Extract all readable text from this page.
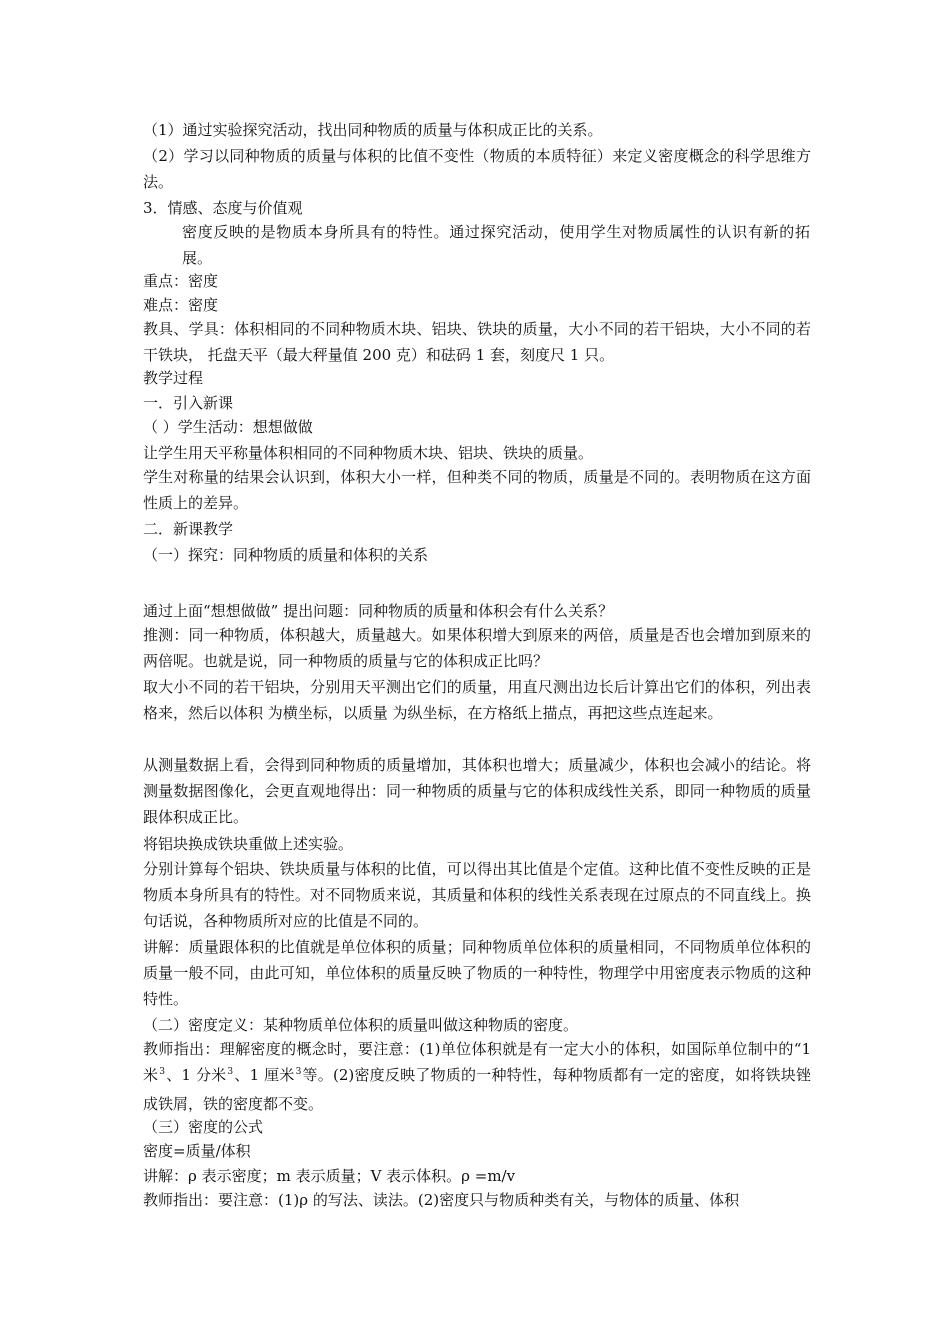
（1）通过实验探究活动，找出同种物质的质量与体积成正比的关系。

（2）学习以同种物质的质量与体积的比值不变性（物质的本质特征）来定义密度概念的科学思维方法。

3．情感、态度与价值观

密度反映的是物质本身所具有的特性。通过探究活动，使用学生对物质属性的认识有新的拓展。

重点：密度

难点：密度

教具、学具：体积相同的不同种物质木块、铝块、铁块的质量，大小不同的若干铝块，大小不同的若干铁块， 托盘天平（最大秤量值 200 克）和砝码 1 套，刻度尺 1 只。

教学过程

一．引入新课

（ ）学生活动：想想做做

让学生用天平称量体积相同的不同种物质木块、铝块、铁块的质量。

学生对称量的结果会认识到，体积大小一样，但种类不同的物质，质量是不同的。表明物质在这方面性质上的差异。

二．新课教学

（一）探究：同种物质的质量和体积的关系

通过上面“想想做做” 提出问题：同种物质的质量和体积会有什么关系？

推测：同一种物质，体积越大，质量越大。如果体积增大到原来的两倍，质量是否也会增加到原来的两倍呢。也就是说，同一种物质的质量与它的体积成正比吗？

取大小不同的若干铝块，分别用天平测出它们的质量，用直尺测出边长后计算出它们的体积，列出表格来，然后以体积 为横坐标，以质量 为纵坐标，在方格纸上描点，再把这些点连起来。

从测量数据上看，会得到同种物质的质量增加，其体积也增大；质量减少，体积也会减小的结论。将测量数据图像化，会更直观地得出：同一种物质的质量与它的体积成线性关系，即同一种物质的质量跟体积成正比。

将铝块换成铁块重做上述实验。

分别计算每个铝块、铁块质量与体积的比值，可以得出其比值是个定值。这种比值不变性反映的正是物质本身所具有的特性。对不同物质来说，其质量和体积的线性关系表现在过原点的不同直线上。换句话说，各种物质所对应的比值是不同的。

讲解：质量跟体积的比值就是单位体积的质量；同种物质单位体积的质量相同，不同物质单位体积的质量一般不同，由此可知，单位体积的质量反映了物质的一种特性，物理学中用密度表示物质的这种特性。

（二）密度定义：某种物质单位体积的质量叫做这种物质的密度。

教师指出：理解密度的概念时，要注意：(1)单位体积就是有一定大小的体积，如国际单位制中的“1 米$^3$、1 分米$^3$、1 厘米$^3$等。(2)密度反映了物质的一种特性，每种物质都有一定的密度，如将铁块锉成铁屑，铁的密度都不变。

（三）密度的公式

密度=质量/体积

讲解：ρ 表示密度；m 表示质量；V 表示体积。ρ =m/v

教师指出：要注意：(1)ρ 的写法、读法。(2)密度只与物质种类有关，与物体的质量、体积
